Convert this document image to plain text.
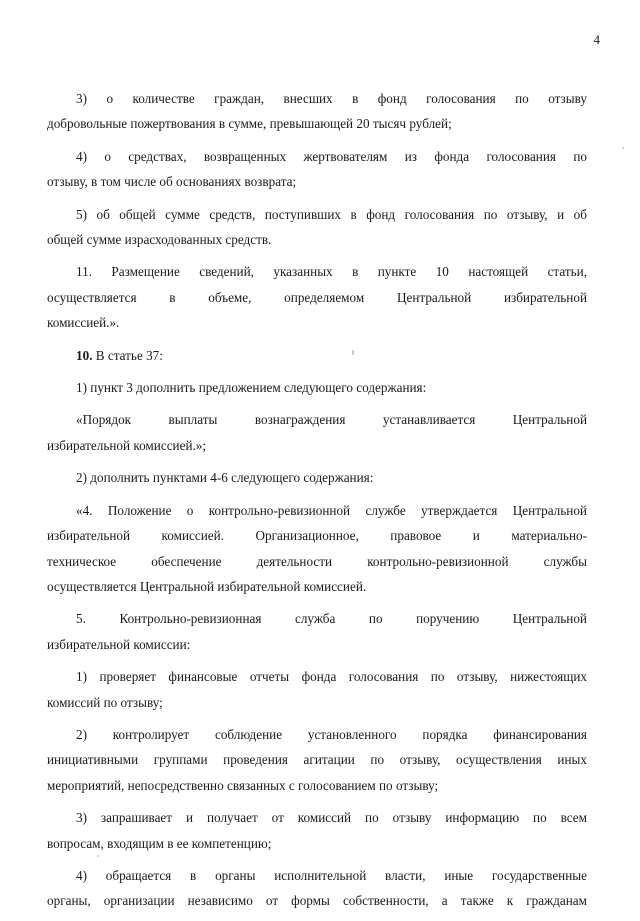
4
3) о количестве граждан, внесших в фонд голосования по отзыву
добровольные пожертвования в сумме, превышающей 20 тысяч рублей;
4) о средствах, возвращенных жертвователям из фонда голосования по
отзыву, в том числе об основаниях возврата;
5) об общей сумме средств, поступивших в фонд голосования по отзыву, и об
общей сумме израсходованных средств.
11. Размещение сведений, указанных в пункте 10 настоящей статьи,
осуществляется в объеме, определяемом Центральной избирательной
комиссией.».
10. В статье 37:
1) пункт 3 дополнить предложением следующего содержания:
«Порядок выплаты вознаграждения устанавливается Центральной
избирательной комиссией.»;
2) дополнить пунктами 4-6 следующего содержания:
«4. Положение о контрольно-ревизионной службе утверждается Центральной
избирательной комиссией. Организационное, правовое и материально-
техническое обеспечение деятельности контрольно-ревизионной службы
осуществляется Центральной избирательной комиссией.
5. Контрольно-ревизионная служба по поручению Центральной
избирательной комиссии:
1) проверяет финансовые отчеты фонда голосования по отзыву, нижестоящих
комиссий по отзыву;
2) контролирует соблюдение установленного порядка финансирования
инициативными группами проведения агитации по отзыву, осуществления иных
мероприятий, непосредственно связанных с голосованием по отзыву;
3) запрашивает и получает от комиссий по отзыву информацию по всем
вопросам, входящим в ее компетенцию;
4) обращается в органы исполнительной власти, иные государственные
органы, организации независимо от формы собственности, а также к гражданам
